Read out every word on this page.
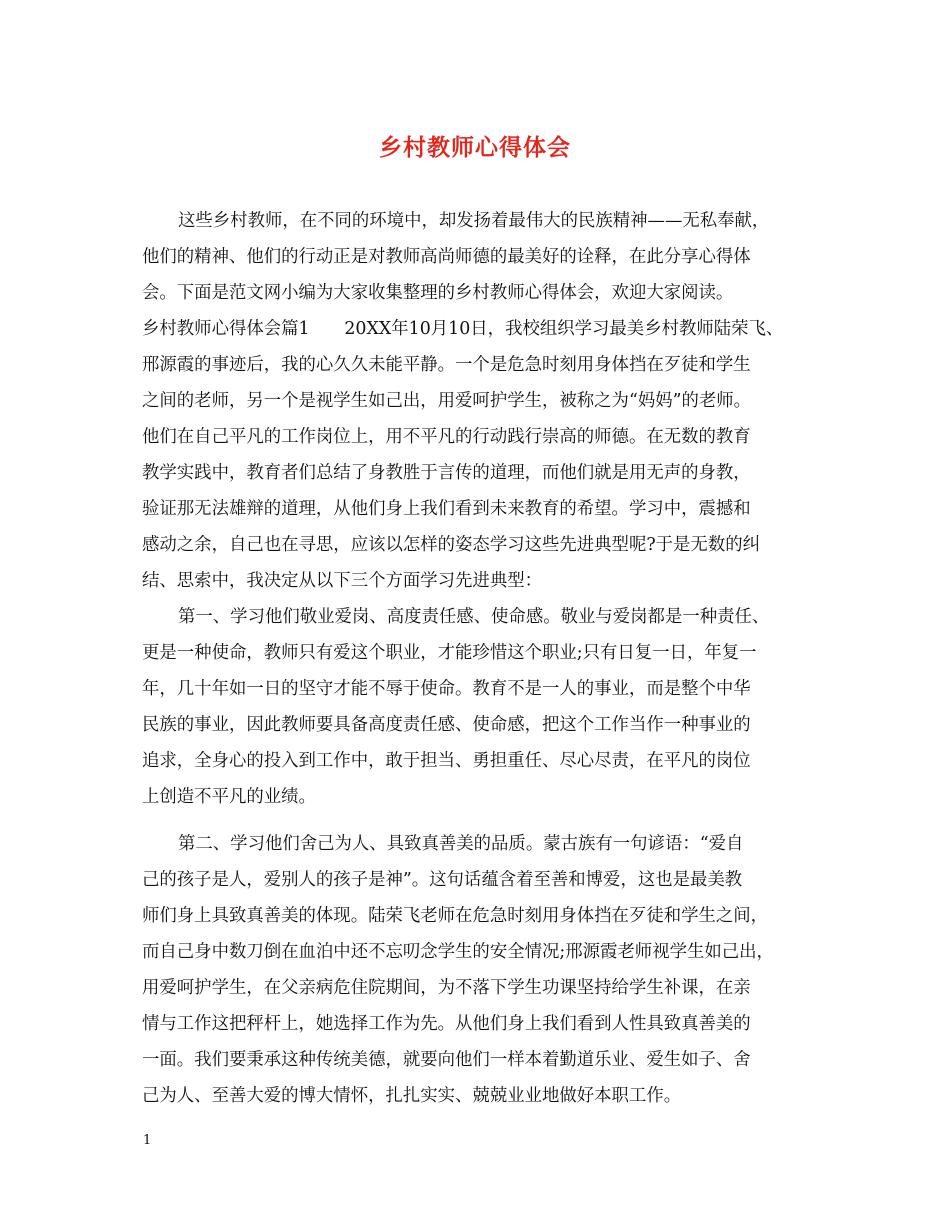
乡村教师心得体会
这些乡村教师，在不同的环境中，却发扬着最伟大的民族精神——无私奉献，
他们的精神、他们的行动正是对教师高尚师德的最美好的诠释，在此分享心得体
会。下面是范文网小编为大家收集整理的乡村教师心得体会，欢迎大家阅读。
乡村教师心得体会篇1　　20XX年10月10日，我校组织学习最美乡村教师陆荣飞、
邢源霞的事迹后，我的心久久未能平静。一个是危急时刻用身体挡在歹徒和学生
之间的老师，另一个是视学生如己出，用爱呵护学生，被称之为“妈妈”的老师。
他们在自己平凡的工作岗位上，用不平凡的行动践行崇高的师德。在无数的教育
教学实践中，教育者们总结了身教胜于言传的道理，而他们就是用无声的身教，
验证那无法雄辩的道理，从他们身上我们看到未来教育的希望。学习中，震撼和
感动之余，自己也在寻思，应该以怎样的姿态学习这些先进典型呢?于是无数的纠
结、思索中，我决定从以下三个方面学习先进典型：
第一、学习他们敬业爱岗、高度责任感、使命感。敬业与爱岗都是一种责任、
更是一种使命，教师只有爱这个职业，才能珍惜这个职业;只有日复一日，年复一
年，几十年如一日的坚守才能不辱于使命。教育不是一人的事业，而是整个中华
民族的事业，因此教师要具备高度责任感、使命感，把这个工作当作一种事业的
追求，全身心的投入到工作中，敢于担当、勇担重任、尽心尽责，在平凡的岗位
上创造不平凡的业绩。
第二、学习他们舍己为人、具致真善美的品质。蒙古族有一句谚语：“爱自
己的孩子是人，爱别人的孩子是神”。这句话蕴含着至善和博爱，这也是最美教
师们身上具致真善美的体现。陆荣飞老师在危急时刻用身体挡在歹徒和学生之间，
而自己身中数刀倒在血泊中还不忘叨念学生的安全情况;邢源霞老师视学生如己出，
用爱呵护学生，在父亲病危住院期间，为不落下学生功课坚持给学生补课，在亲
情与工作这把秤杆上，她选择工作为先。从他们身上我们看到人性具致真善美的
一面。我们要秉承这种传统美德，就要向他们一样本着勤道乐业、爱生如子、舍
己为人、至善大爱的博大情怀，扎扎实实、兢兢业业地做好本职工作。
1
